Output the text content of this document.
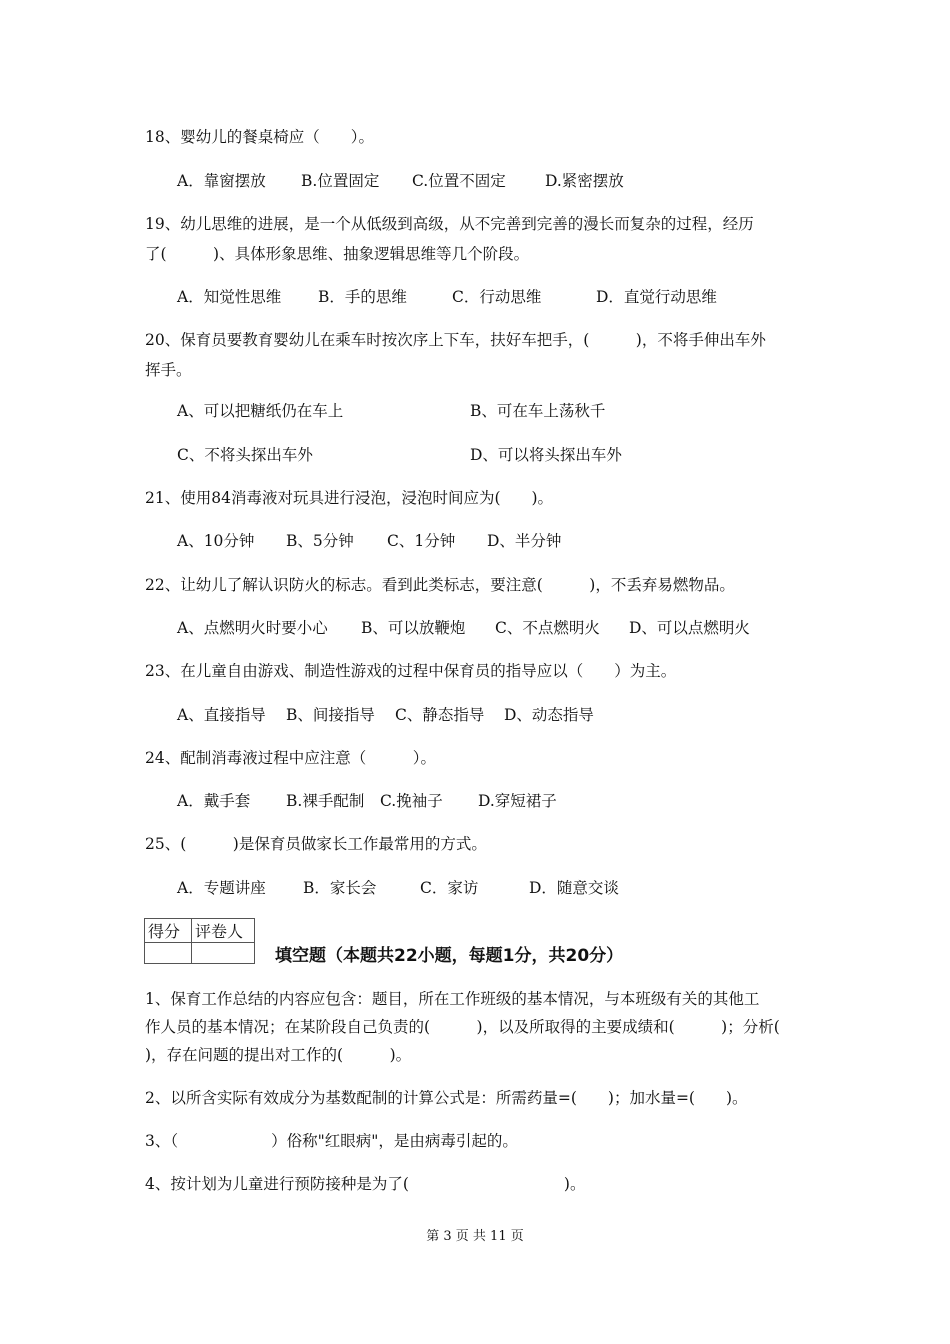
18、婴幼儿的餐桌椅应（　　）。
A．靠窗摆放 B.位置固定 C.位置不固定	D.紧密摆放
19、幼儿思维的进展，是一个从低级到高级，从不完善到完善的漫长而复杂的过程，经历
了(　　　)、具体形象思维、抽象逻辑思维等几个阶段。
A．知觉性思维 B．手的思维	C．行动思维	D．直觉行动思维
20、保育员要教育婴幼儿在乘车时按次序上下车，扶好车把手，(　　　)，不将手伸出车外
挥手。
A、可以把糖纸仍在车上	B、可在车上荡秋千
C、不将头探出车外	D、可以将头探出车外
21、使用84消毒液对玩具进行浸泡，浸泡时间应为(　　)。
A、10分钟 B、5分钟 C、1分钟 D、半分钟
22、让幼儿了解认识防火的标志。看到此类标志，要注意(　　　)，不丢弃易燃物品。
A、点燃明火时要小心 B、可以放鞭炮 C、不点燃明火 D、可以点燃明火
23、在儿童自由游戏、制造性游戏的过程中保育员的指导应以（　　）为主。
A、直接指导 B、间接指导 C、静态指导 D、动态指导
24、配制消毒液过程中应注意（　　　）。
A．戴手套 B.裸手配制 C.挽袖子 D.穿短裙子
25、(　　　)是保育员做家长工作最常用的方式。
A．专题讲座 B．家长会	C．家访	D．随意交谈
得分	评卷人

填空题（本题共22小题，每题1分，共20分）
1、保育工作总结的内容应包含：题目，所在工作班级的基本情况，与本班级有关的其他工
作人员的基本情况；在某阶段自己负责的(　　　)，以及所取得的主要成绩和(　　　)；分析(
)，存在问题的提出对工作的(　　　)。
2、以所含实际有效成分为基数配制的计算公式是：所需药量=(　　)；加水量=(　　)。
3、（　　　　　　）俗称"红眼病"，是由病毒引起的。
4、按计划为儿童进行预防接种是为了(　　　　　　　　　　)。
第 3 页 共 11 页
